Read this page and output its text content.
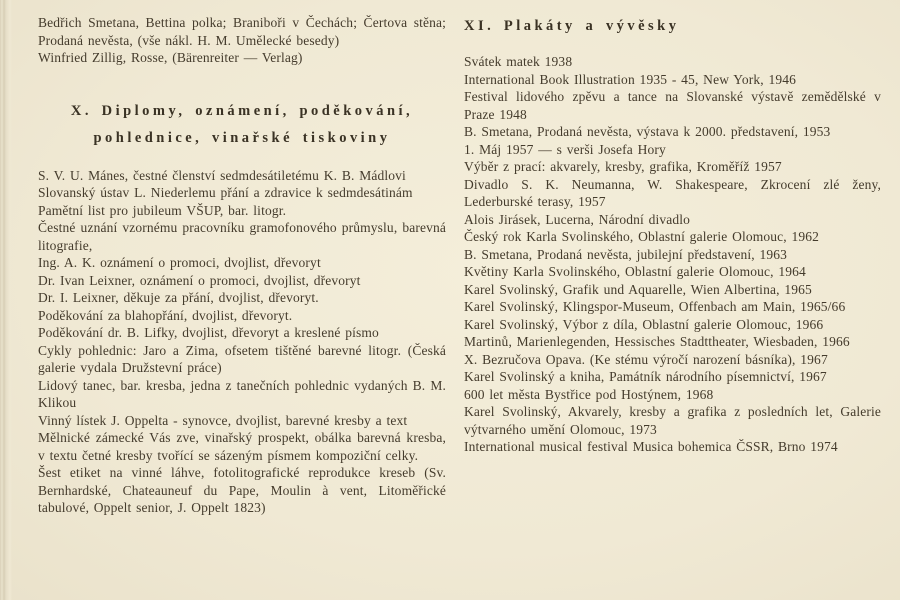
Bedřich Smetana, Bettina polka; Braniboři v Čechách; Čertova stěna; Prodaná nevěsta, (vše nákl. H. M. Umělecké besedy)

Winfried Zillig, Rosse, (Bärenreiter — Verlag)

X. Diplomy, oznámení, poděkování,
pohlednice, vinařské tiskoviny

S. V. U. Mánes, čestné členství sedmdesátiletému K. B. Mádlovi

Slovanský ústav L. Niederlemu přání a zdravice k sedmdesátinám

Pamětní list pro jubileum VŠUP, bar. litogr.

Čestné uznání vzornému pracovníku gramofonového průmyslu, barevná litografie,

Ing. A. K. oznámení o promoci, dvojlist, dřevoryt

Dr. Ivan Leixner, oznámení o promoci, dvojlist, dřevoryt

Dr. I. Leixner, děkuje za přání, dvojlist, dřevoryt.

Poděkování za blahopřání, dvojlist, dřevoryt.

Poděkování dr. B. Lifky, dvojlist, dřevoryt a kreslené písmo

Cykly pohlednic: Jaro a Zima, ofsetem tištěné barevné litogr. (Česká galerie vydala Družstevní práce)

Lidový tanec, bar. kresba, jedna z tanečních pohlednic vydaných B. M. Klikou

Vinný lístek J. Oppelta - synovce, dvojlist, barevné kresby a text

Mělnické zámecké Vás zve, vinařský prospekt, obálka barevná kresba, v textu četné kresby tvořící se sázeným písmem kompoziční celky.

Šest etiket na vinné láhve, fotolitografické reprodukce kreseb (Sv. Bernhardské, Chateauneuf du Pape, Moulin à vent, Litoměřické tabulové, Oppelt senior, J. Oppelt 1823)

XI. Plakáty a vývěsky

Svátek matek 1938

International Book Illustration 1935 - 45, New York, 1946

Festival lidového zpěvu a tance na Slovanské výstavě zemědělské v Praze 1948

B. Smetana, Prodaná nevěsta, výstava k 2000. představení, 1953

1. Máj 1957 — s verši Josefa Hory

Výběr z prací: akvarely, kresby, grafika, Kroměříž 1957

Divadlo S. K. Neumanna, W. Shakespeare, Zkrocení zlé ženy, Lederburské terasy, 1957

Alois Jirásek, Lucerna, Národní divadlo

Český rok Karla Svolinského, Oblastní galerie Olomouc, 1962

B. Smetana, Prodaná nevěsta, jubilejní představení, 1963

Květiny Karla Svolinského, Oblastní galerie Olomouc, 1964

Karel Svolinský, Grafik und Aquarelle, Wien Albertina, 1965

Karel Svolinský, Klingspor-Museum, Offenbach am Main, 1965/66

Karel Svolinský, Výbor z díla, Oblastní galerie Olomouc, 1966

Martinů, Marienlegenden, Hessisches Stadttheater, Wiesbaden, 1966

X. Bezručova Opava. (Ke stému výročí narození básníka), 1967

Karel Svolinský a kniha, Památník národního písemnictví, 1967

600 let města Bystřice pod Hostýnem, 1968

Karel Svolinský, Akvarely, kresby a grafika z posledních let, Galerie výtvarného umění Olomouc, 1973

International musical festival Musica bohemica ČSSR, Brno 1974
